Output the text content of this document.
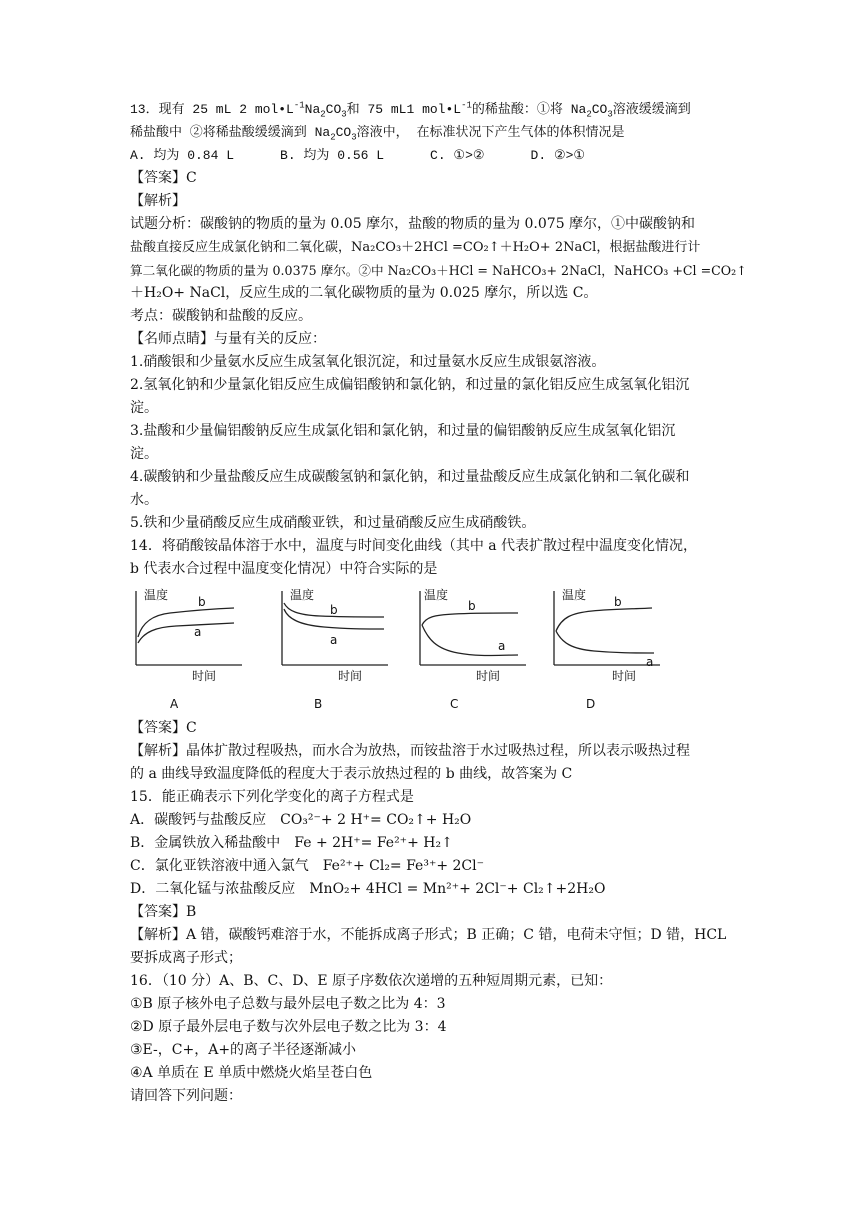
13．现有 25 mL 2 $mol•L^{-1}Na_2CO_3$和 75 mL1 $mol•L^{-1}$的稀盐酸：①将 $Na_2CO_3$溶液缓缓滴到
稀盐酸中 ②将稀盐酸缓缓滴到 $Na_2CO_3$溶液中， 在标准状况下产生气体的体积情况是
A. 均为 0.84 L	B. 均为 0.56 L	C. ①>②	D. ②>①
【答案】C
【解析】
试题分析：碳酸钠的物质的量为 0.05 摩尔，盐酸的物质的量为 0.075 摩尔，①中碳酸钠和
盐酸直接反应生成氯化钠和二氧化碳，Na₂CO₃＋2HCl =CO₂↑＋H₂O+ 2NaCl，根据盐酸进行计
算二氧化碳的物质的量为 0.0375 摩尔。②中 Na₂CO₃＋HCl = NaHCO₃+ 2NaCl，NaHCO₃ +Cl =CO₂↑
＋H₂O+ NaCl，反应生成的二氧化碳物质的量为 0.025 摩尔，所以选 C。
考点：碳酸钠和盐酸的反应。
【名师点睛】与量有关的反应：
1.硝酸银和少量氨水反应生成氢氧化银沉淀，和过量氨水反应生成银氨溶液。
2.氢氧化钠和少量氯化铝反应生成偏铝酸钠和氯化钠，和过量的氯化铝反应生成氢氧化铝沉
淀。
3.盐酸和少量偏铝酸钠反应生成氯化铝和氯化钠，和过量的偏铝酸钠反应生成氢氧化铝沉
淀。
4.碳酸钠和少量盐酸反应生成碳酸氢钠和氯化钠，和过量盐酸反应生成氯化钠和二氧化碳和
水。
5.铁和少量硝酸反应生成硝酸亚铁，和过量硝酸反应生成硝酸铁。
14．将硝酸铵晶体溶于水中，温度与时间变化曲线（其中 a 代表扩散过程中温度变化情况，
b 代表水合过程中温度变化情况）中符合实际的是
温度 b
a
时间
A
温度
b
a
时间
B
温度
b
a
时间
C
温度 b
a
时间
D
【答案】C
【解析】晶体扩散过程吸热，而水合为放热，而铵盐溶于水过吸热过程，所以表示吸热过程
的 a 曲线导致温度降低的程度大于表示放热过程的 b 曲线，故答案为 C
15．能正确表示下列化学变化的离子方程式是
A．碳酸钙与盐酸反应　CO₃²⁻+ 2 H⁺= CO₂↑+ H₂O
B．金属铁放入稀盐酸中　Fe + 2H⁺= Fe²⁺+ H₂↑
C．氯化亚铁溶液中通入氯气　Fe²⁺+ Cl₂= Fe³⁺+ 2Cl⁻
D．二氧化锰与浓盐酸反应　MnO₂+ 4HCl = Mn²⁺+ 2Cl⁻+ Cl₂↑+2H₂O
【答案】B
【解析】A 错，碳酸钙难溶于水，不能拆成离子形式；B 正确；C 错，电荷未守恒；D 错，HCL
要拆成离子形式；
16．（10 分）A、B、C、D、E 原子序数依次递增的五种短周期元素，已知：
①B 原子核外电子总数与最外层电子数之比为 4：3
②D 原子最外层电子数与次外层电子数之比为 3：4
③E-，C+，A+的离子半径逐渐减小
④A 单质在 E 单质中燃烧火焰呈苍白色
请回答下列问题：
